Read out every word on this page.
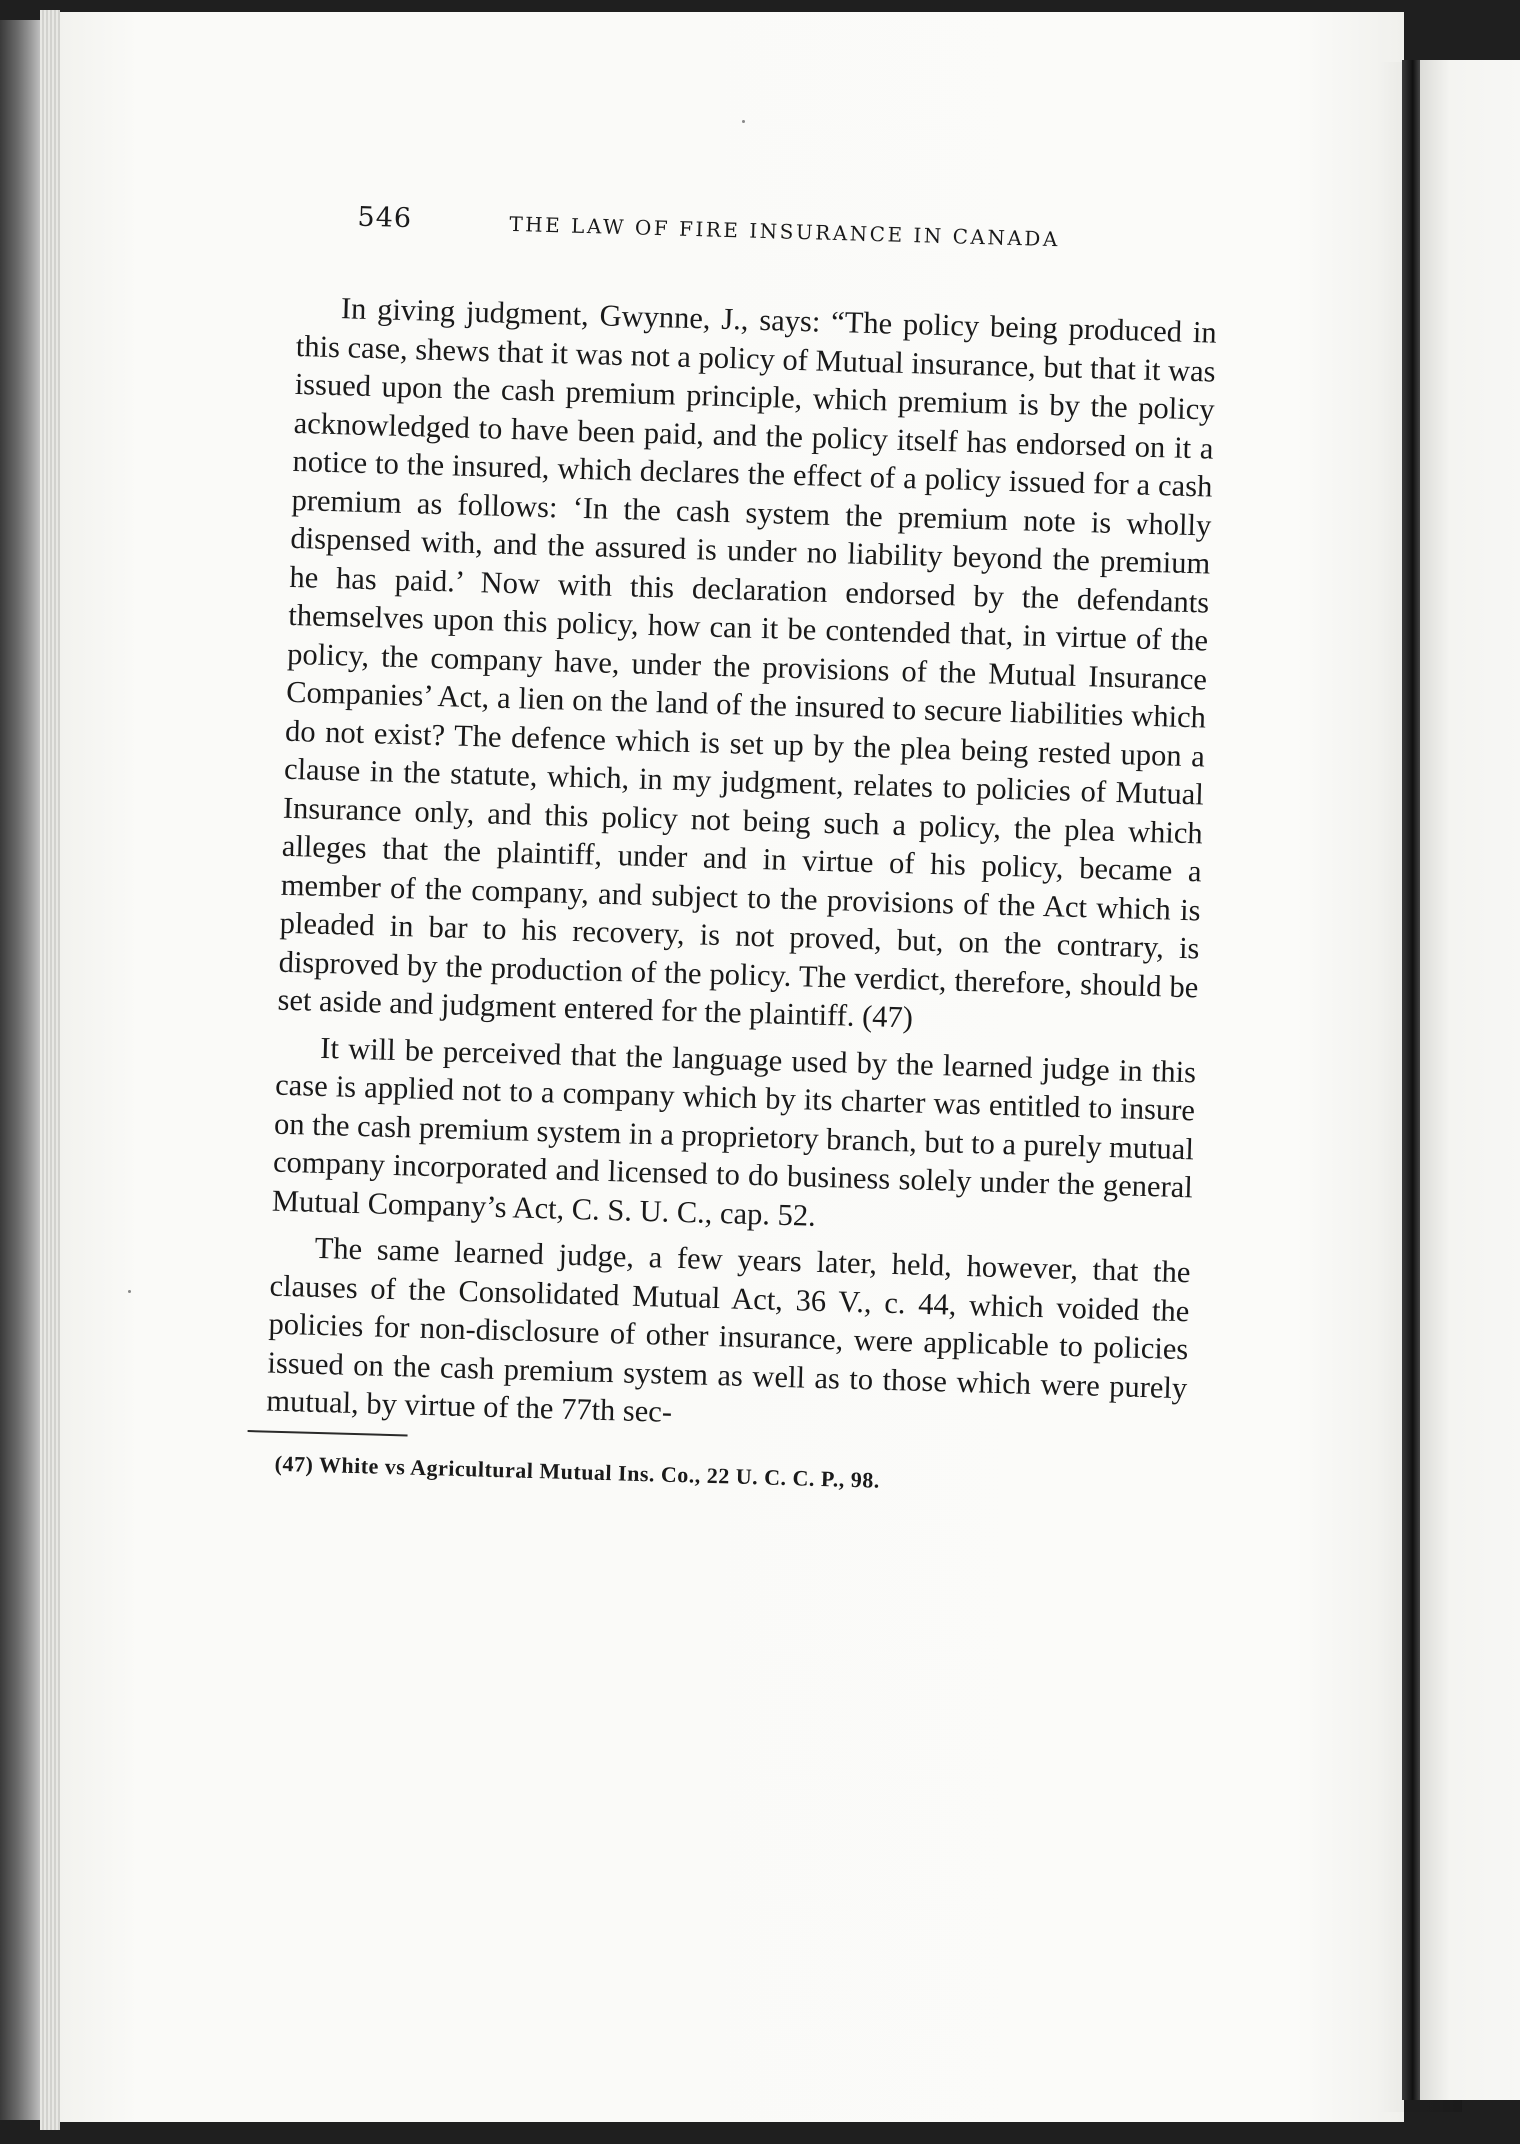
546	THE LAW OF FIRE INSURANCE IN CANADA

In giving judgment, Gwynne, J., says: “The policy being produced in this case, shews that it was not a policy of Mutual insurance, but that it was issued upon the cash premium principle, which premium is by the policy acknowledged to have been paid, and the policy itself has endorsed on it a notice to the insured, which declares the effect of a policy issued for a cash premium as follows: ‘In the cash system the premium note is wholly dispensed with, and the assured is under no liability beyond the premium he has paid.’ Now with this declaration endorsed by the defendants themselves upon this policy, how can it be contended that, in virtue of the policy, the company have, under the provisions of the Mutual Insurance Companies’ Act, a lien on the land of the insured to secure liabilities which do not exist? The defence which is set up by the plea being rested upon a clause in the statute, which, in my judgment, relates to policies of Mutual Insurance only, and this policy not being such a policy, the plea which alleges that the plaintiff, under and in virtue of his policy, became a member of the company, and subject to the provisions of the Act which is pleaded in bar to his recovery, is not proved, but, on the contrary, is disproved by the production of the policy. The verdict, therefore, should be set aside and judgment entered for the plaintiff. (47)

It will be perceived that the language used by the learned judge in this case is applied not to a company which by its charter was entitled to insure on the cash premium system in a proprietory branch, but to a purely mutual company incorporated and licensed to do business solely under the general Mutual Company’s Act, C. S. U. C., cap. 52.

The same learned judge, a few years later, held, however, that the clauses of the Consolidated Mutual Act, 36 V., c. 44, which voided the policies for non-disclosure of other insurance, were applicable to policies issued on the cash premium system as well as to those which were purely mutual, by virtue of the 77th sec-

(47) White vs Agricultural Mutual Ins. Co., 22 U. C. C. P., 98.
